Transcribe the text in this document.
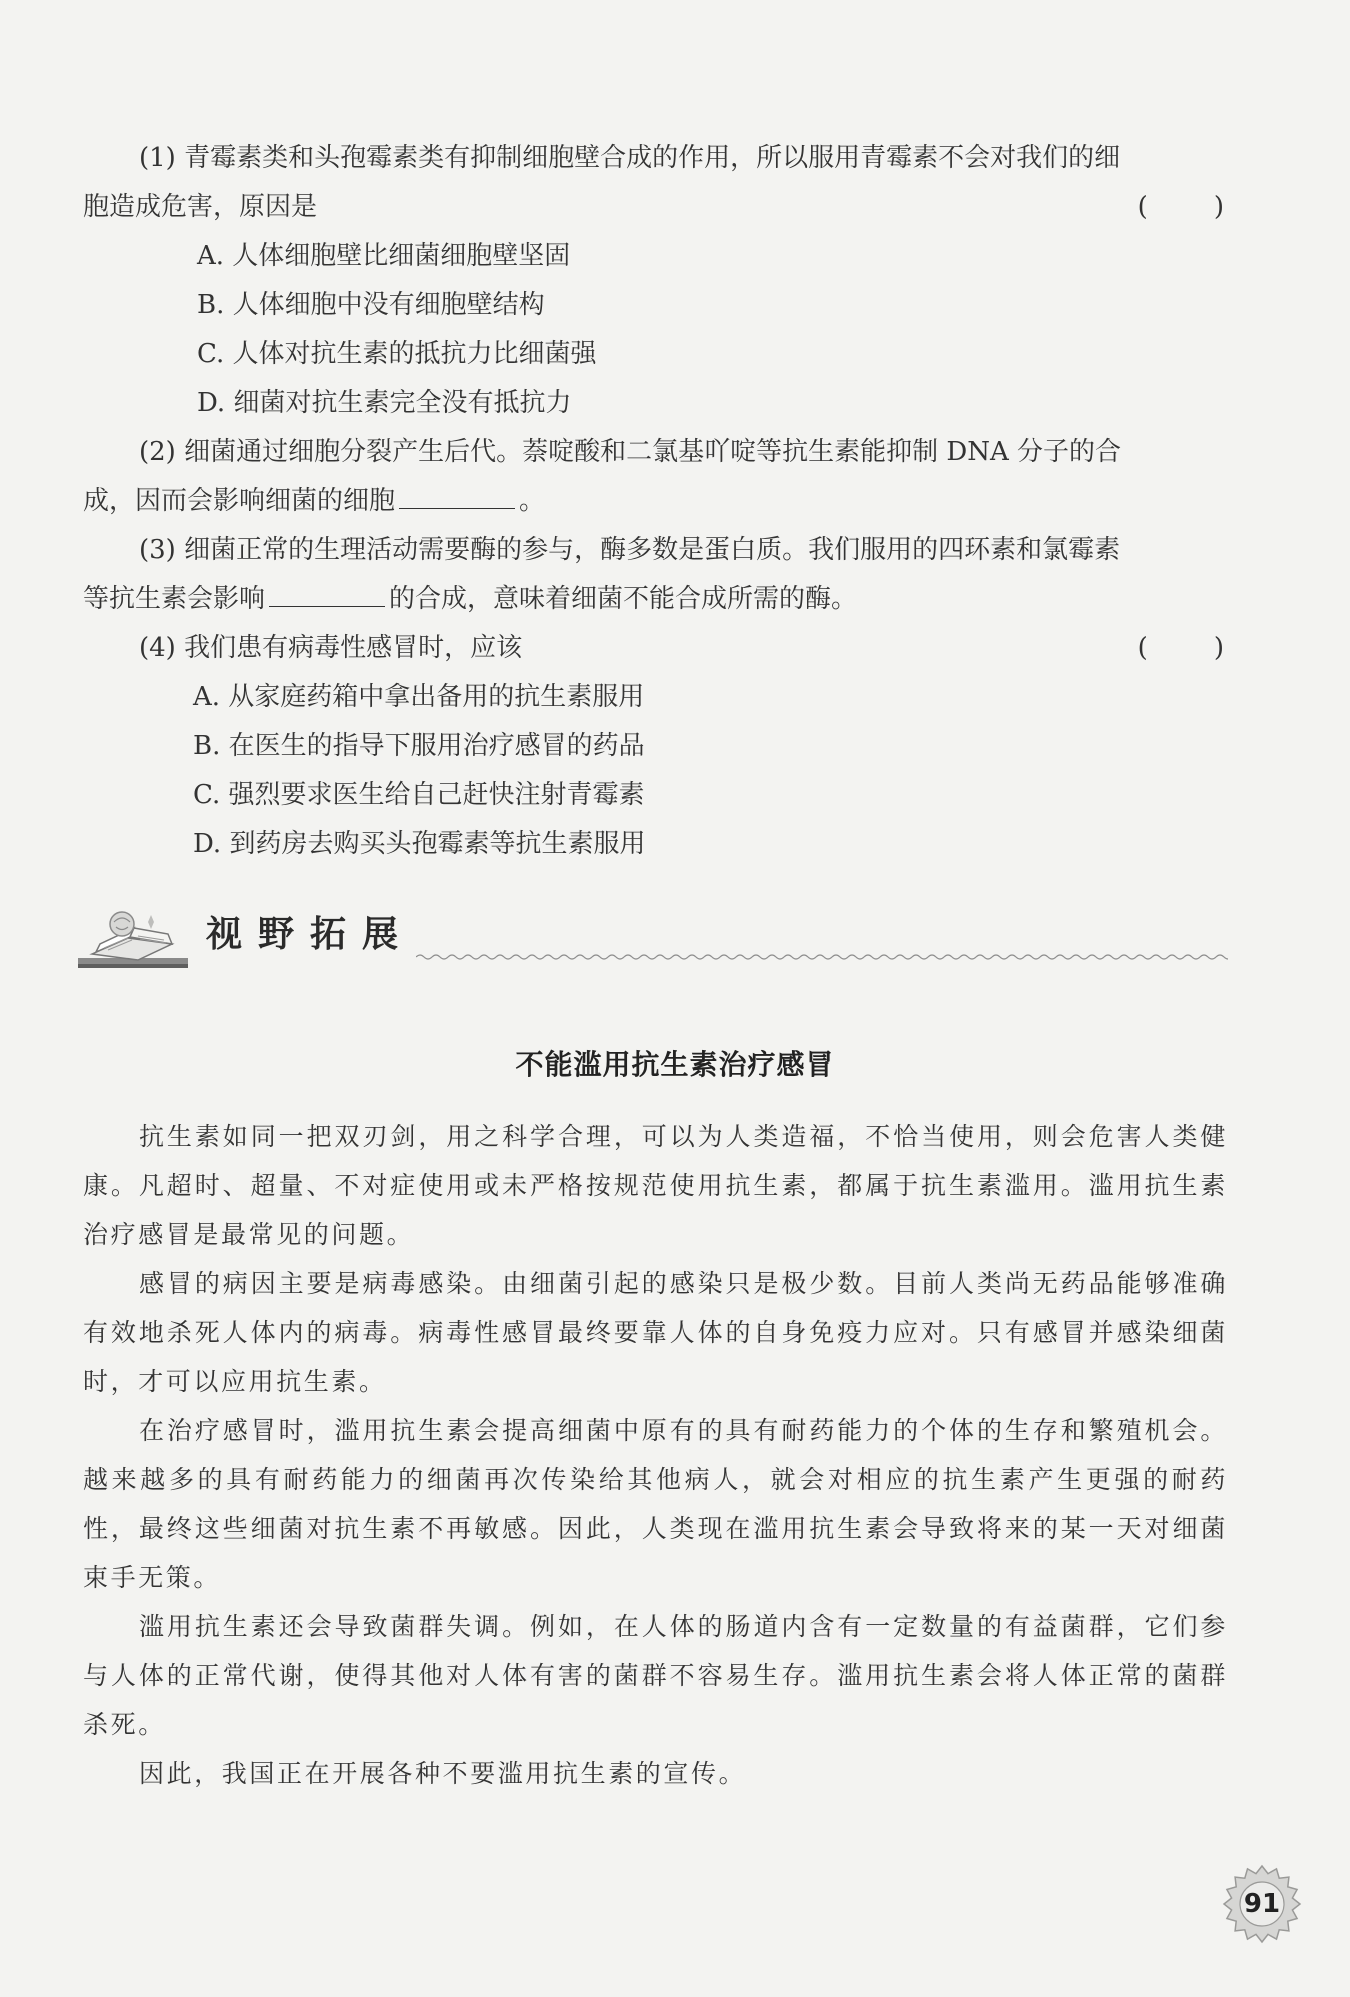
(1) 青霉素类和头孢霉素类有抑制细胞壁合成的作用，所以服用青霉素不会对我们的细

胞造成危害，原因是	(        )

A. 人体细胞壁比细菌细胞壁坚固

B. 人体细胞中没有细胞壁结构

C. 人体对抗生素的抵抗力比细菌强

D. 细菌对抗生素完全没有抵抗力

(2) 细菌通过细胞分裂产生后代。萘啶酸和二氯基吖啶等抗生素能抑制 DNA 分子的合

成，因而会影响细菌的细胞	。

(3) 细菌正常的生理活动需要酶的参与，酶多数是蛋白质。我们服用的四环素和氯霉素

等抗生素会影响	的合成，意味着细菌不能合成所需的酶。

(4) 我们患有病毒性感冒时，应该	(        )

A. 从家庭药箱中拿出备用的抗生素服用

B. 在医生的指导下服用治疗感冒的药品

C. 强烈要求医生给自己赶快注射青霉素

D. 到药房去购买头孢霉素等抗生素服用

视野拓展
不能滥用抗生素治疗感冒

抗生素如同一把双刃剑，用之科学合理，可以为人类造福，不恰当使用，则会危害人类健康。凡超时、超量、不对症使用或未严格按规范使用抗生素，都属于抗生素滥用。滥用抗生素治疗感冒是最常见的问题。

感冒的病因主要是病毒感染。由细菌引起的感染只是极少数。目前人类尚无药品能够准确有效地杀死人体内的病毒。病毒性感冒最终要靠人体的自身免疫力应对。只有感冒并感染细菌时，才可以应用抗生素。

在治疗感冒时，滥用抗生素会提高细菌中原有的具有耐药能力的个体的生存和繁殖机会。越来越多的具有耐药能力的细菌再次传染给其他病人，就会对相应的抗生素产生更强的耐药性，最终这些细菌对抗生素不再敏感。因此，人类现在滥用抗生素会导致将来的某一天对细菌束手无策。

滥用抗生素还会导致菌群失调。例如，在人体的肠道内含有一定数量的有益菌群，它们参与人体的正常代谢，使得其他对人体有害的菌群不容易生存。滥用抗生素会将人体正常的菌群杀死。

因此，我国正在开展各种不要滥用抗生素的宣传。

91
